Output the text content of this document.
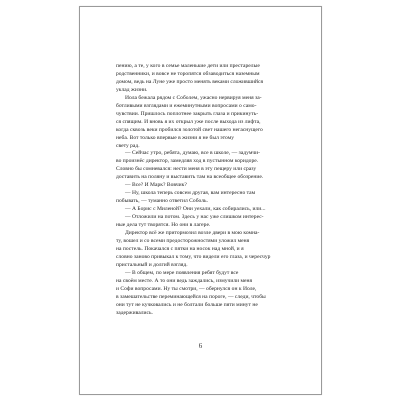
пению, а те, у кого в семье маленькие дети или престарелые
родственники, и вовсе не торопятся обзаводиться наземным
домом, ведь на Луне уже просто менять веками сложившийся
уклад жизни.
Иола бежала рядом с Соболем, ужасно нервируя меня за-
ботливыми взглядами и ежеминутными вопросами о само-
чувствии. Пришлось поплотнее закрыть глаза и прикинуть-
ся спящим. И вновь я их открыл уже после выхода из лифта,
когда сквозь веки пробился золотой свет нашего негаснущего
неба. Вот только впервые в жизни я не был этому
свету рад.
— Сейчас утро, ребята, думаю, все в школе, — задумчи-
во произнёс директор, замедляя ход в пустынном коридоре.
Словно бы сомневался: нести меня в эту пещеру или сразу
доставить на поляну и выставить там на всеобщее обозрение.
— Все? И Марк? Вовчик?
— Ну, школа теперь совсем другая, вам интересно там
побывать, — туманно ответил Соболь.
— А Борис с Миленой? Они уехали, как собирались, или...
— Отложили на потом. Здесь у нас уже слишком интерес-
ные дела тут творятся. Но они в лагере.
Директор всё же притормозил возле двери в мою комна-
ту, вошел и со всеми предосторожностями уложил меня
на постель. Покачался с пятки на носок над мной, и я
словно заново привыкал к тому, что видели его глаза, и чересчур
пристальный и долгий взгляд.
— В общем, по мере появления ребят будут все
на своём месте. А то они ведь заждались, измучили меня
и Софи вопросами. Ну ты смотри, — обернулся он к Иоле,
в замешательстве переминающейся на пороге, — следи, чтобы
они тут не кучковались и не болтали больше пяти минут не
задерживались.
6
